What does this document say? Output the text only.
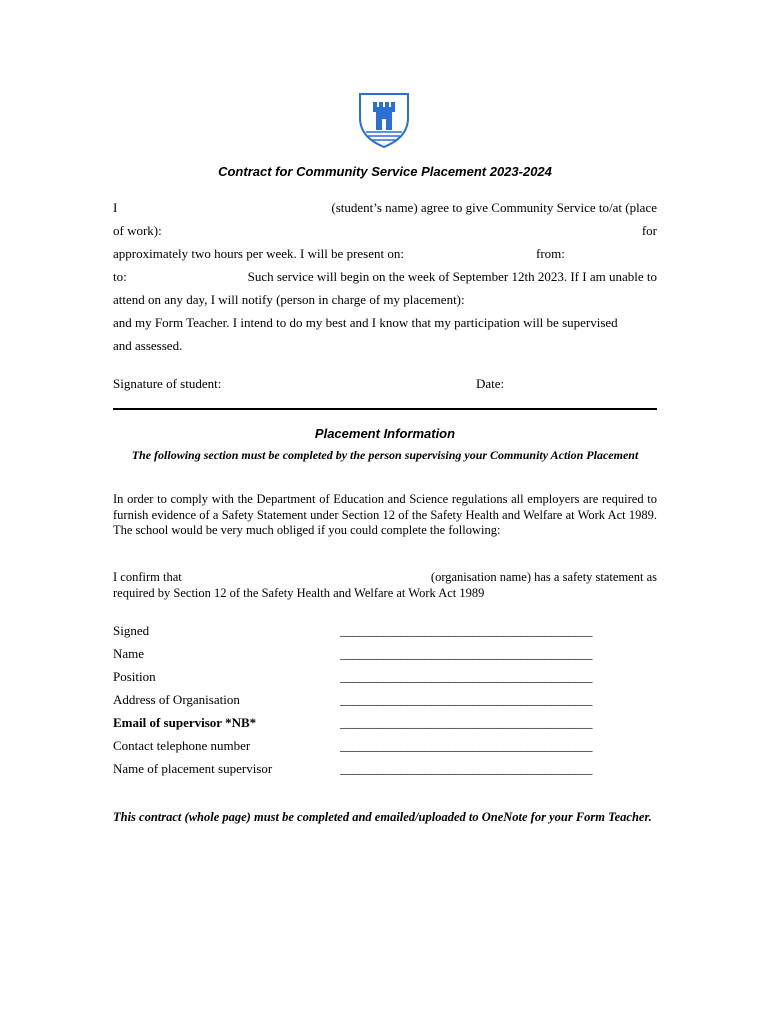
Contract for Community Service Placement 2023-2024
I	(student’s name) agree to give Community Service to/at (place
of work):	for
approximately two hours per week. I will be present on:	from:
to:	Such service will begin on the week of September 12th 2023. If I am unable to
attend on any day, I will notify (person in charge of my placement):
and my Form Teacher. I intend to do my best and I know that my participation will be supervised
and assessed.
Signature of student:	Date:
Placement Information
The following section must be completed by the person supervising your Community Action Placement
In order to comply with the Department of Education and Science regulations all employers are required to furnish evidence of a Safety Statement under Section 12 of the Safety Health and Welfare at Work Act 1989. The school would be very much obliged if you could complete the following:
I confirm that	(organisation name) has a safety statement as
required by Section 12 of the Safety Health and Welfare at Work Act 1989
Signed	__________________________________________
Name	__________________________________________
Position	__________________________________________
Address of Organisation	__________________________________________
Email of supervisor *NB*	__________________________________________
Contact telephone number	__________________________________________
Name of placement supervisor	__________________________________________
This contract (whole page) must be completed and emailed/uploaded to OneNote for your Form Teacher.
